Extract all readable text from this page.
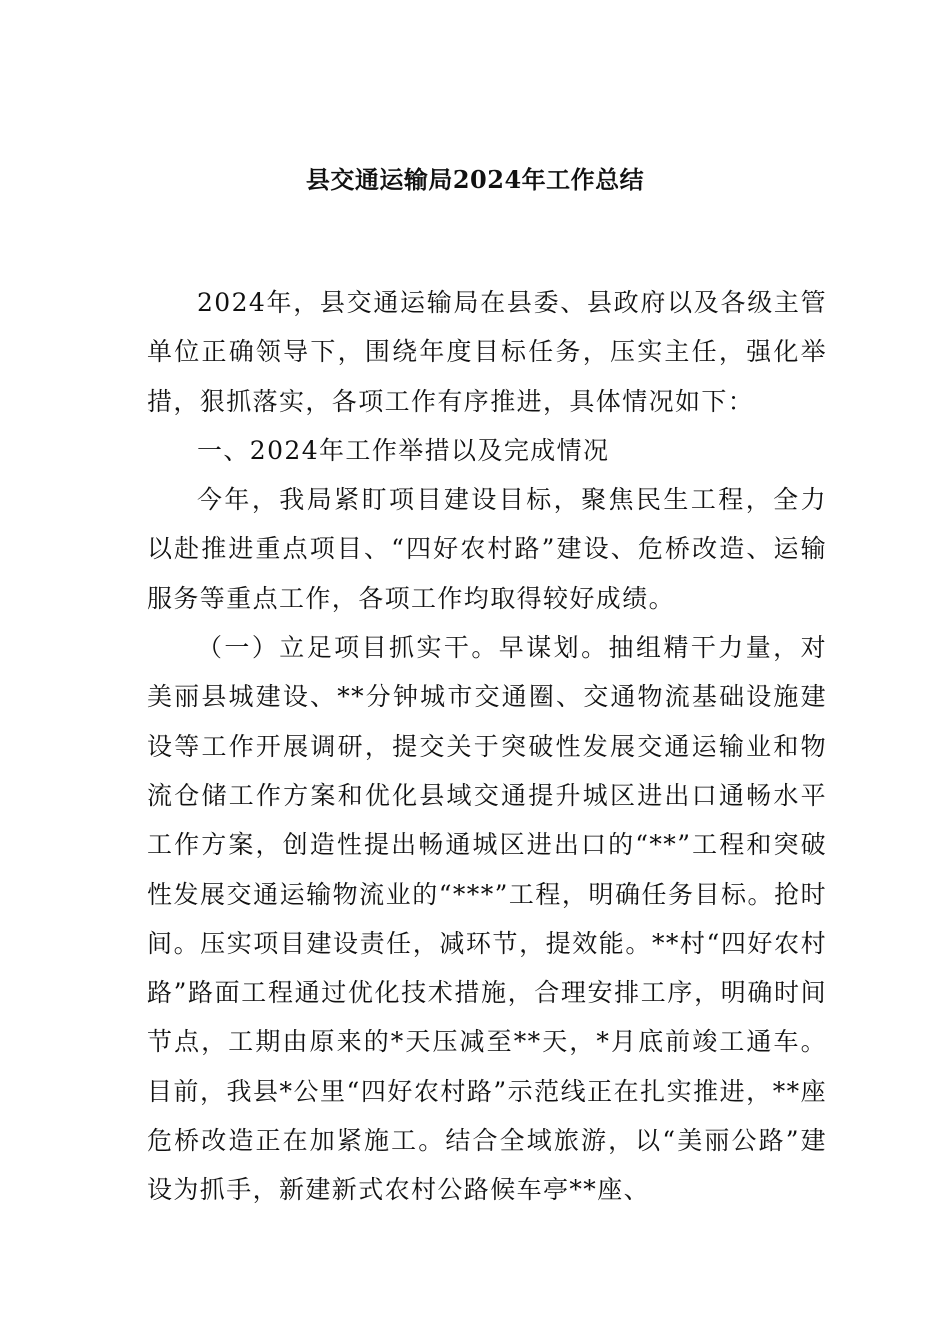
县交通运输局2024年工作总结

2024年，县交通运输局在县委、县政府以及各级主管单位正确领导下，围绕年度目标任务，压实主任，强化举措，狠抓落实，各项工作有序推进，具体情况如下：

一、2024年工作举措以及完成情况

今年，我局紧盯项目建设目标，聚焦民生工程，全力以赴推进重点项目、“四好农村路”建设、危桥改造、运输服务等重点工作，各项工作均取得较好成绩。

（一）立足项目抓实干。早谋划。抽组精干力量，对美丽县城建设、**分钟城市交通圈、交通物流基础设施建设等工作开展调研，提交关于突破性发展交通运输业和物流仓储工作方案和优化县域交通提升城区进出口通畅水平工作方案，创造性提出畅通城区进出口的“**”工程和突破性发展交通运输物流业的“***”工程，明确任务目标。抢时间。压实项目建设责任，减环节，提效能。**村“四好农村路”路面工程通过优化技术措施，合理安排工序，明确时间节点，工期由原来的*天压减至**天，*月底前竣工通车。目前，我县*公里“四好农村路”示范线正在扎实推进，**座危桥改造正在加紧施工。结合全域旅游，以“美丽公路”建设为抓手，新建新式农村公路候车亭**座、
